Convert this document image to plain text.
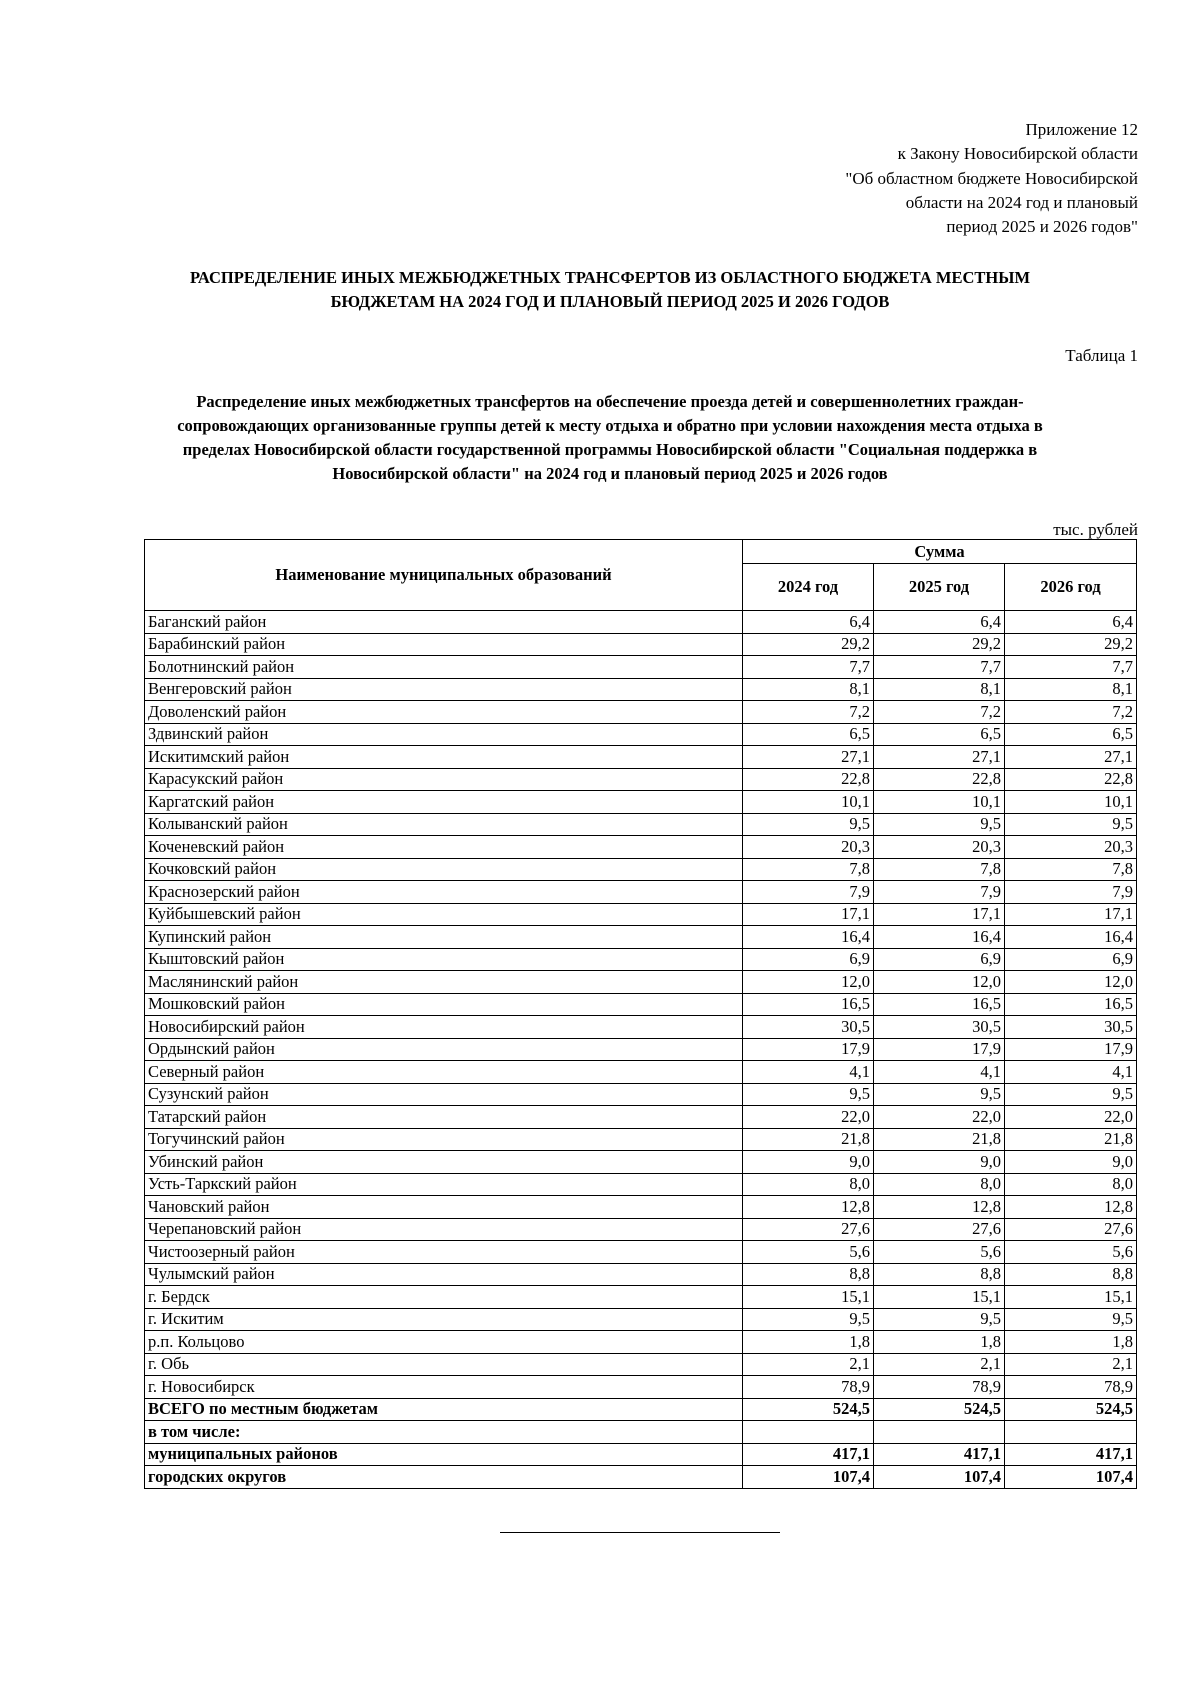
Приложение 12
к Закону Новосибирской области
"Об областном бюджете Новосибирской
области на 2024 год и плановый
период 2025 и 2026 годов"
РАСПРЕДЕЛЕНИЕ ИНЫХ МЕЖБЮДЖЕТНЫХ ТРАНСФЕРТОВ ИЗ ОБЛАСТНОГО БЮДЖЕТА МЕСТНЫМ
БЮДЖЕТАМ НА 2024 ГОД И ПЛАНОВЫЙ ПЕРИОД 2025 И 2026 ГОДОВ
Таблица 1
Распределение иных межбюджетных трансфертов на обеспечение проезда детей и совершеннолетних граждан-
сопровождающих организованные группы детей к месту отдыха и обратно при условии нахождения места отдыха в
пределах Новосибирской области государственной программы Новосибирской области "Социальная поддержка в
Новосибирской области" на 2024 год и плановый период 2025 и 2026 годов
тыс. рублей
Наименование муниципальных образований	Сумма		
	2024 год	2025 год	2026 год
Баганский район	6,4	6,4	6,4
Барабинский район	29,2	29,2	29,2
Болотнинский район	7,7	7,7	7,7
Венгеровский район	8,1	8,1	8,1
Доволенский район	7,2	7,2	7,2
Здвинский район	6,5	6,5	6,5
Искитимский район	27,1	27,1	27,1
Карасукский район	22,8	22,8	22,8
Каргатский район	10,1	10,1	10,1
Колыванский район	9,5	9,5	9,5
Коченевский район	20,3	20,3	20,3
Кочковский район	7,8	7,8	7,8
Краснозерский район	7,9	7,9	7,9
Куйбышевский район	17,1	17,1	17,1
Купинский район	16,4	16,4	16,4
Кыштовский район	6,9	6,9	6,9
Маслянинский район	12,0	12,0	12,0
Мошковский район	16,5	16,5	16,5
Новосибирский район	30,5	30,5	30,5
Ордынский район	17,9	17,9	17,9
Северный район	4,1	4,1	4,1
Сузунский район	9,5	9,5	9,5
Татарский район	22,0	22,0	22,0
Тогучинский район	21,8	21,8	21,8
Убинский район	9,0	9,0	9,0
Усть-Таркский район	8,0	8,0	8,0
Чановский район	12,8	12,8	12,8
Черепановский район	27,6	27,6	27,6
Чистоозерный район	5,6	5,6	5,6
Чулымский район	8,8	8,8	8,8
г. Бердск	15,1	15,1	15,1
г. Искитим	9,5	9,5	9,5
р.п. Кольцово	1,8	1,8	1,8
г. Обь	2,1	2,1	2,1
г. Новосибирск	78,9	78,9	78,9
ВСЕГО по местным бюджетам	524,5	524,5	524,5
в том числе:			
муниципальных районов	417,1	417,1	417,1
городских округов	107,4	107,4	107,4
